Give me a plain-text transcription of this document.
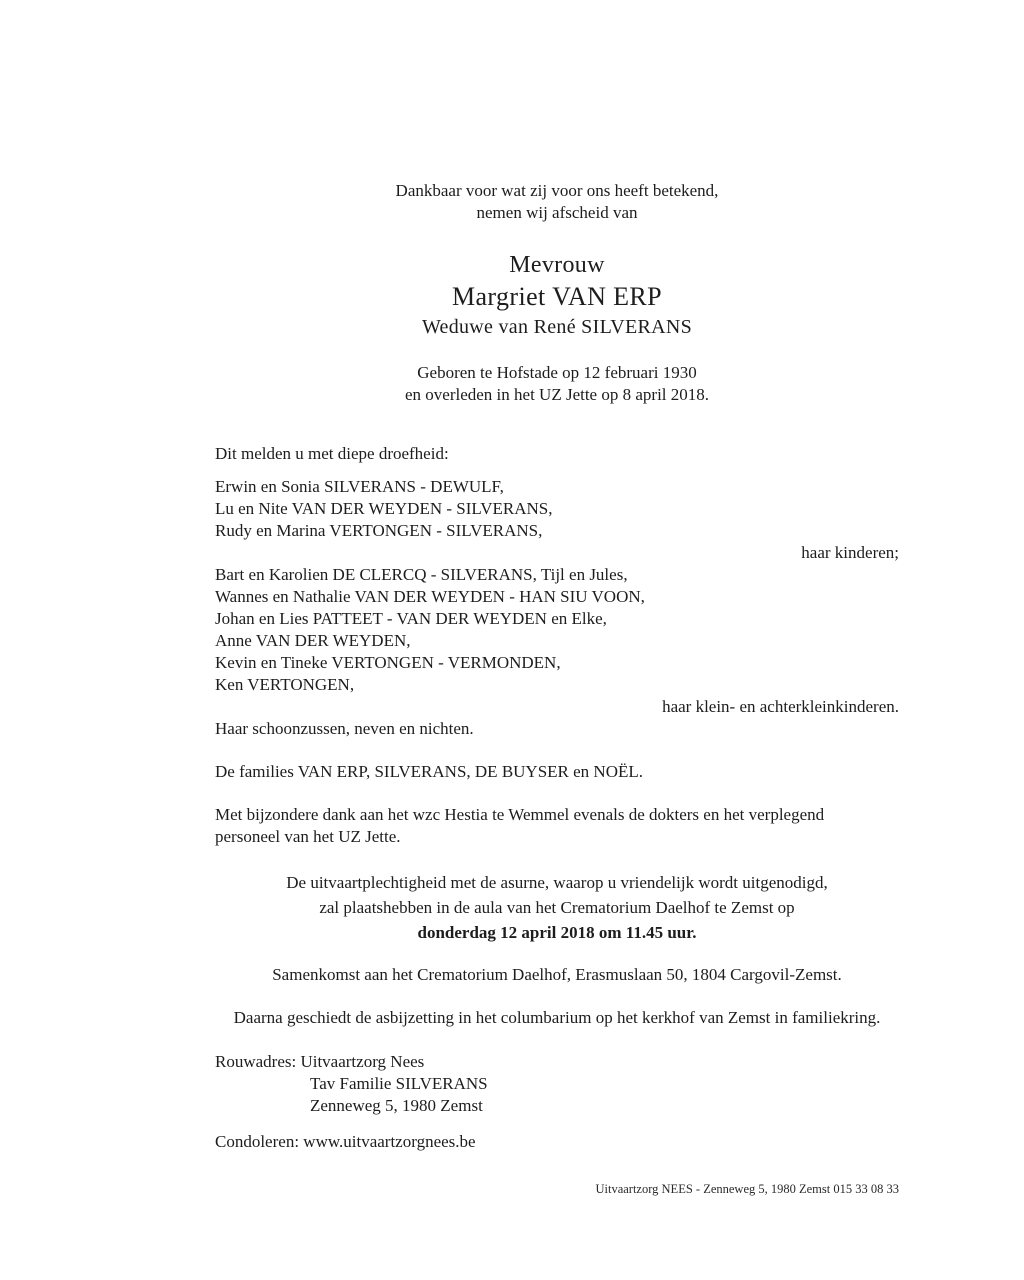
Dankbaar voor wat zij voor ons heeft betekend,
nemen wij afscheid van
Mevrouw
Margriet VAN ERP
Weduwe van René SILVERANS
Geboren te Hofstade op 12 februari 1930
en overleden in het UZ Jette op 8 april 2018.
Dit melden u met diepe droefheid:
Erwin en Sonia SILVERANS - DEWULF,
Lu en Nite VAN DER WEYDEN - SILVERANS,
Rudy en Marina VERTONGEN - SILVERANS,
haar kinderen;
Bart en Karolien DE CLERCQ - SILVERANS, Tijl en Jules,
Wannes en Nathalie VAN DER WEYDEN - HAN SIU VOON,
Johan en Lies PATTEET - VAN DER WEYDEN en Elke,
Anne VAN DER WEYDEN,
Kevin en Tineke VERTONGEN - VERMONDEN,
Ken VERTONGEN,
haar klein- en achterkleinkinderen.
Haar schoonzussen, neven en nichten.
De families VAN ERP, SILVERANS, DE BUYSER en NOËL.
Met bijzondere dank aan het wzc Hestia te Wemmel evenals de dokters en het verplegend
personeel van het UZ Jette.
De uitvaartplechtigheid met de asurne, waarop u vriendelijk wordt uitgenodigd,
zal plaatshebben in de aula van het Crematorium Daelhof te Zemst op
donderdag 12 april 2018 om 11.45 uur.
Samenkomst aan het Crematorium Daelhof, Erasmuslaan 50, 1804 Cargovil-Zemst.
Daarna geschiedt de asbijzetting in het columbarium op het kerkhof van Zemst in familiekring.
Rouwadres: Uitvaartzorg Nees
Tav Familie SILVERANS
Zenneweg 5, 1980 Zemst
Condoleren: www.uitvaartzorgnees.be
Uitvaartzorg NEES - Zenneweg 5, 1980 Zemst 015 33 08 33
